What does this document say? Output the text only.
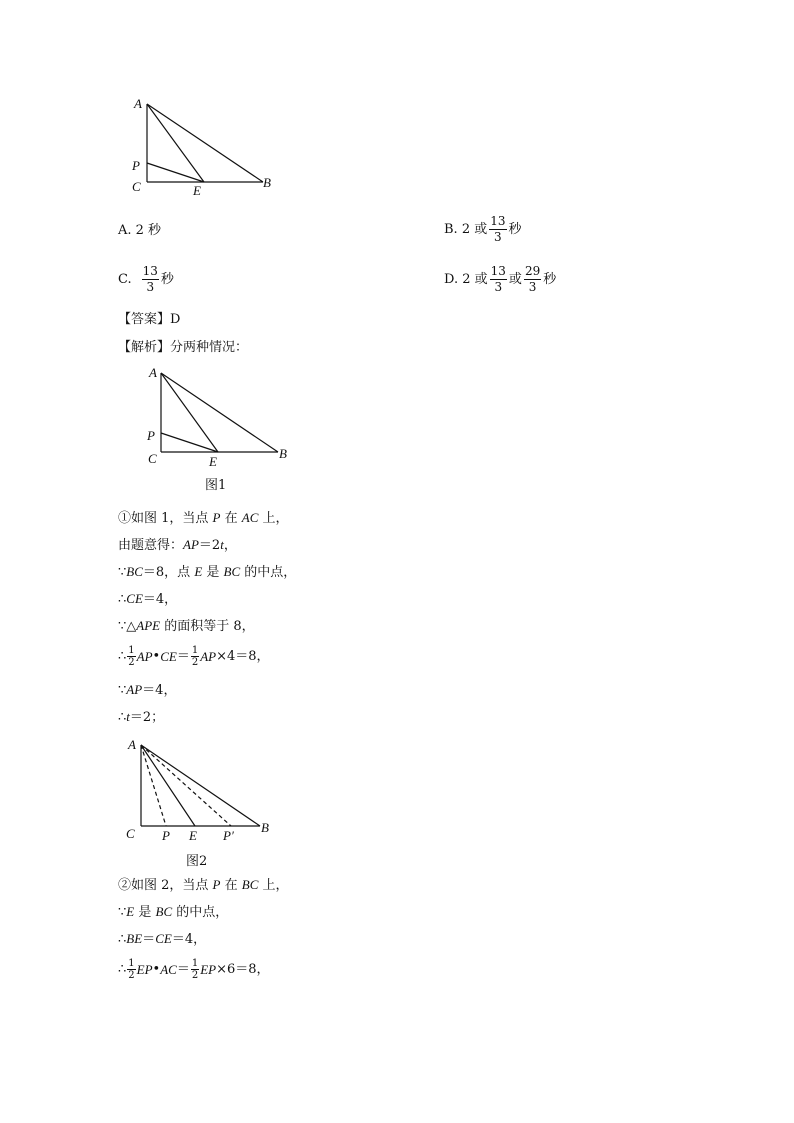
A
P
C	E
B
A. 2 秒	B. 2 或 $\frac{13}{3}$ 秒
C. $\frac{13}{3}$ 秒	D. 2 或 $\frac{13}{3}$ 或 $\frac{29}{3}$ 秒
【答案】D
【解析】分两种情况：
A
P
C	E
B
图1
①如图 1，当点 P 在 AC 上，
由题意得：AP＝2t，
∵BC＝8，点 E 是 BC 的中点，
∴CE＝4，
∵△APE 的面积等于 8，
∴ $\frac{1}{2}$ AP • CE ＝ $\frac{1}{2}$ AP ×4＝8，
∵AP＝4，
∴t＝2；
A
C P E P′
B
图2
②如图 2，当点 P 在 BC 上，
∵E 是 BC 的中点，
∴BE＝CE＝4，
∴ $\frac{1}{2}$ EP • AC ＝ $\frac{1}{2}$ EP ×6＝8，
